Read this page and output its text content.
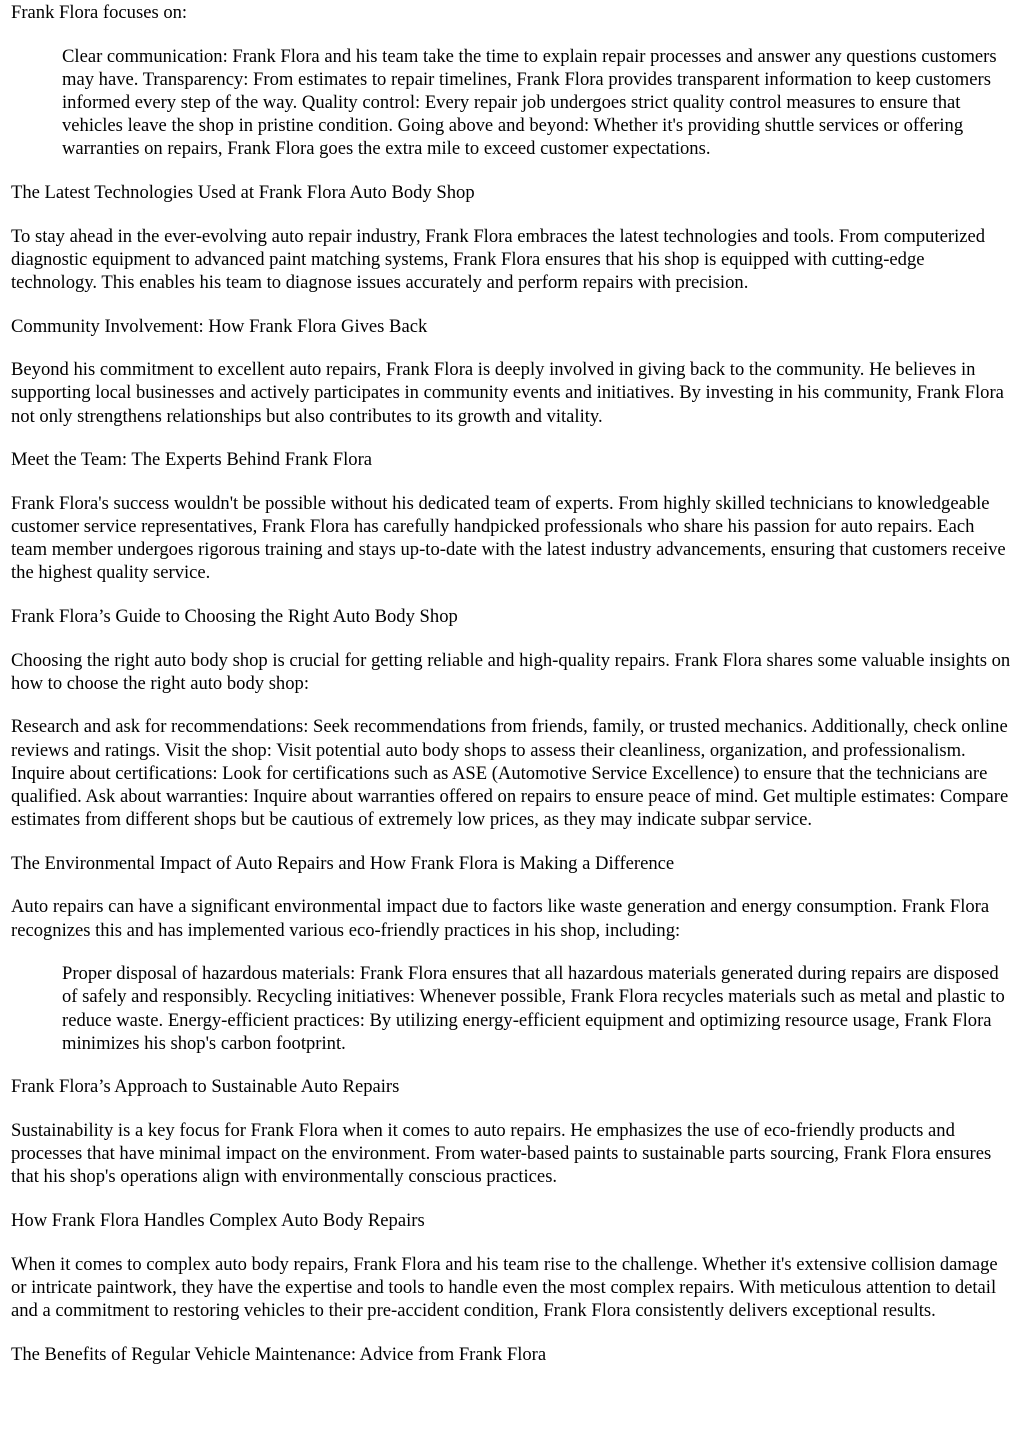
Frank Flora focuses on:

Clear communication: Frank Flora and his team take the time to explain repair processes and answer any questions customers may have. Transparency: From estimates to repair timelines, Frank Flora provides transparent information to keep customers informed every step of the way. Quality control: Every repair job undergoes strict quality control measures to ensure that vehicles leave the shop in pristine condition. Going above and beyond: Whether it's providing shuttle services or offering warranties on repairs, Frank Flora goes the extra mile to exceed customer expectations.

The Latest Technologies Used at Frank Flora Auto Body Shop

To stay ahead in the ever-evolving auto repair industry, Frank Flora embraces the latest technologies and tools. From computerized diagnostic equipment to advanced paint matching systems, Frank Flora ensures that his shop is equipped with cutting-edge technology. This enables his team to diagnose issues accurately and perform repairs with precision.

Community Involvement: How Frank Flora Gives Back

Beyond his commitment to excellent auto repairs, Frank Flora is deeply involved in giving back to the community. He believes in supporting local businesses and actively participates in community events and initiatives. By investing in his community, Frank Flora not only strengthens relationships but also contributes to its growth and vitality.

Meet the Team: The Experts Behind Frank Flora

Frank Flora's success wouldn't be possible without his dedicated team of experts. From highly skilled technicians to knowledgeable customer service representatives, Frank Flora has carefully handpicked professionals who share his passion for auto repairs. Each team member undergoes rigorous training and stays up-to-date with the latest industry advancements, ensuring that customers receive the highest quality service.

Frank Flora’s Guide to Choosing the Right Auto Body Shop

Choosing the right auto body shop is crucial for getting reliable and high-quality repairs. Frank Flora shares some valuable insights on how to choose the right auto body shop:

Research and ask for recommendations: Seek recommendations from friends, family, or trusted mechanics. Additionally, check online reviews and ratings. Visit the shop: Visit potential auto body shops to assess their cleanliness, organization, and professionalism. Inquire about certifications: Look for certifications such as ASE (Automotive Service Excellence) to ensure that the technicians are qualified. Ask about warranties: Inquire about warranties offered on repairs to ensure peace of mind. Get multiple estimates: Compare estimates from different shops but be cautious of extremely low prices, as they may indicate subpar service.

The Environmental Impact of Auto Repairs and How Frank Flora is Making a Difference

Auto repairs can have a significant environmental impact due to factors like waste generation and energy consumption. Frank Flora recognizes this and has implemented various eco-friendly practices in his shop, including:

Proper disposal of hazardous materials: Frank Flora ensures that all hazardous materials generated during repairs are disposed of safely and responsibly. Recycling initiatives: Whenever possible, Frank Flora recycles materials such as metal and plastic to reduce waste. Energy-efficient practices: By utilizing energy-efficient equipment and optimizing resource usage, Frank Flora minimizes his shop's carbon footprint.

Frank Flora’s Approach to Sustainable Auto Repairs

Sustainability is a key focus for Frank Flora when it comes to auto repairs. He emphasizes the use of eco-friendly products and processes that have minimal impact on the environment. From water-based paints to sustainable parts sourcing, Frank Flora ensures that his shop's operations align with environmentally conscious practices.

How Frank Flora Handles Complex Auto Body Repairs

When it comes to complex auto body repairs, Frank Flora and his team rise to the challenge. Whether it's extensive collision damage or intricate paintwork, they have the expertise and tools to handle even the most complex repairs. With meticulous attention to detail and a commitment to restoring vehicles to their pre-accident condition, Frank Flora consistently delivers exceptional results.

The Benefits of Regular Vehicle Maintenance: Advice from Frank Flora
